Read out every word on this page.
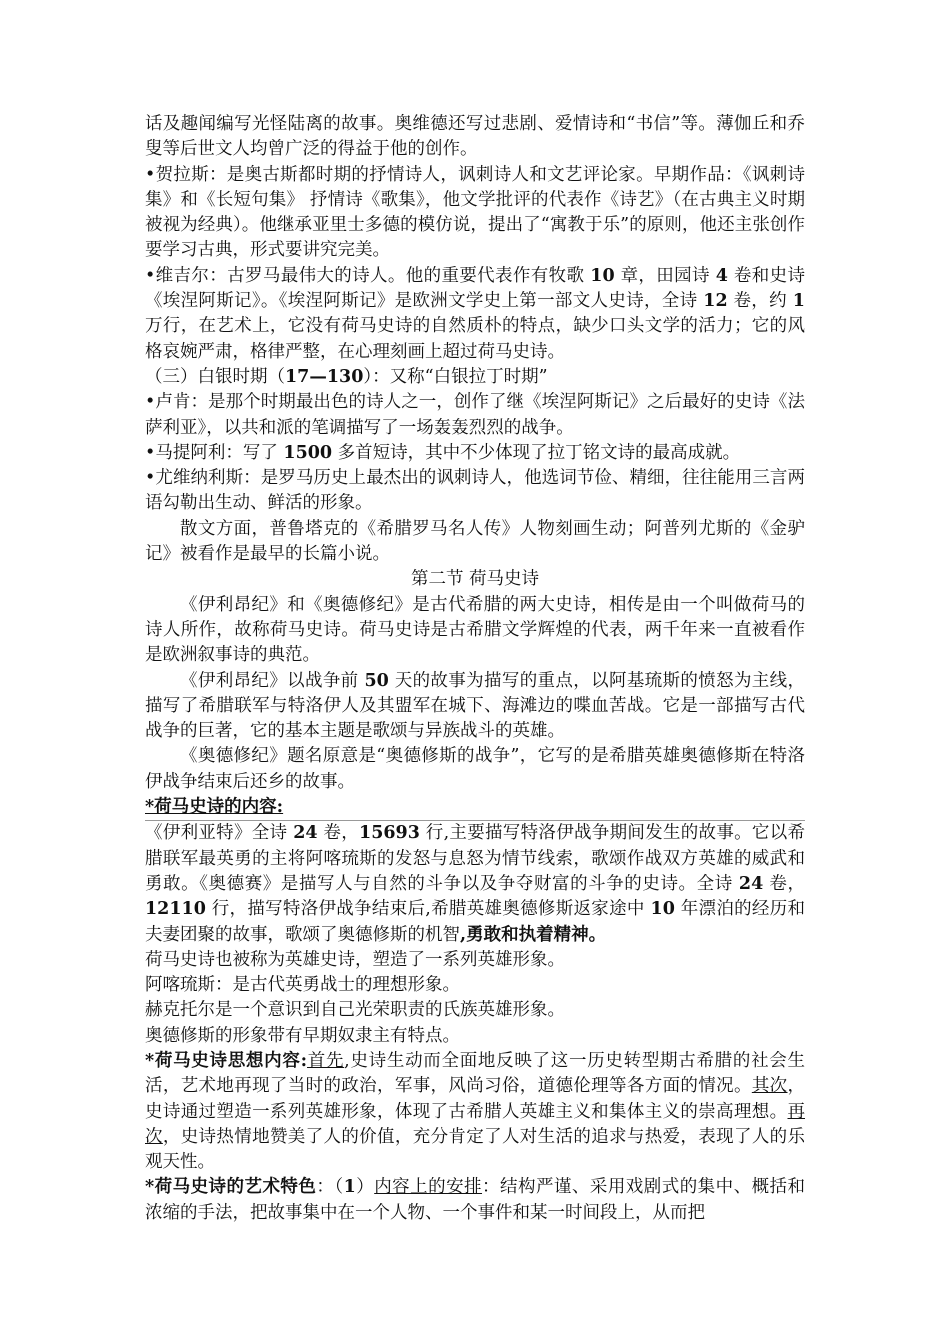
话及趣闻编写光怪陆离的故事。奥维德还写过悲剧、爱情诗和“书信”等。薄伽丘和乔叟等后世文人均曾广泛的得益于他的创作。

•贺拉斯：是奥古斯都时期的抒情诗人，讽刺诗人和文艺评论家。早期作品：《讽刺诗集》和《长短句集》 抒情诗《歌集》，他文学批评的代表作《诗艺》（在古典主义时期被视为经典）。他继承亚里士多德的模仿说，提出了“寓教于乐”的原则，他还主张创作要学习古典，形式要讲究完美。

•维吉尔：古罗马最伟大的诗人。他的重要代表作有牧歌 10 章，田园诗 4 卷和史诗《埃涅阿斯记》。《埃涅阿斯记》是欧洲文学史上第一部文人史诗，全诗 12 卷，约 1 万行，在艺术上，它没有荷马史诗的自然质朴的特点，缺少口头文学的活力；它的风格哀婉严肃，格律严整，在心理刻画上超过荷马史诗。

（三）白银时期（17—130）：又称“白银拉丁时期”

•卢肯：是那个时期最出色的诗人之一，创作了继《埃涅阿斯记》之后最好的史诗《法萨利亚》，以共和派的笔调描写了一场轰轰烈烈的战争。

•马提阿利：写了 1500 多首短诗，其中不少体现了拉丁铭文诗的最高成就。

•尤维纳利斯：是罗马历史上最杰出的讽刺诗人，他选词节俭、精细，往往能用三言两语勾勒出生动、鲜活的形象。

散文方面，普鲁塔克的《希腊罗马名人传》人物刻画生动；阿普列尤斯的《金驴记》被看作是最早的长篇小说。

第二节 荷马史诗

《伊利昂纪》和《奥德修纪》是古代希腊的两大史诗，相传是由一个叫做荷马的诗人所作，故称荷马史诗。荷马史诗是古希腊文学辉煌的代表，两千年来一直被看作是欧洲叙事诗的典范。

《伊利昂纪》以战争前 50 天的故事为描写的重点，以阿基琉斯的愤怒为主线，描写了希腊联军与特洛伊人及其盟军在城下、海滩边的喋血苦战。它是一部描写古代战争的巨著，它的基本主题是歌颂与异族战斗的英雄。

《奥德修纪》题名原意是“奥德修斯的战争”，它写的是希腊英雄奥德修斯在特洛伊战争结束后还乡的故事。

*荷马史诗的内容:  

《伊利亚特》全诗 24 卷，15693 行,主要描写特洛伊战争期间发生的故事。它以希腊联军最英勇的主将阿喀琉斯的发怒与息怒为情节线索，歌颂作战双方英雄的威武和勇敢。《奥德赛》是描写人与自然的斗争以及争夺财富的斗争的史诗。全诗 24 卷，12110 行，描写特洛伊战争结束后,希腊英雄奥德修斯返家途中 10 年漂泊的经历和夫妻团聚的故事，歌颂了奥德修斯的机智,勇敢和执着精神。

荷马史诗也被称为英雄史诗，塑造了一系列英雄形象。

阿喀琉斯：是古代英勇战士的理想形象。

赫克托尔是一个意识到自己光荣职责的氏族英雄形象。

奥德修斯的形象带有早期奴隶主有特点。

*荷马史诗思想内容:首先,史诗生动而全面地反映了这一历史转型期古希腊的社会生活，艺术地再现了当时的政治，军事，风尚习俗，道德伦理等各方面的情况。其次，史诗通过塑造一系列英雄形象，体现了古希腊人英雄主义和集体主义的崇高理想。再次，史诗热情地赞美了人的价值，充分肯定了人对生活的追求与热爱，表现了人的乐观天性。

*荷马史诗的艺术特色：（1）内容上的安排：结构严谨、采用戏剧式的集中、概括和浓缩的手法，把故事集中在一个人物、一个事件和某一时间段上，从而把
